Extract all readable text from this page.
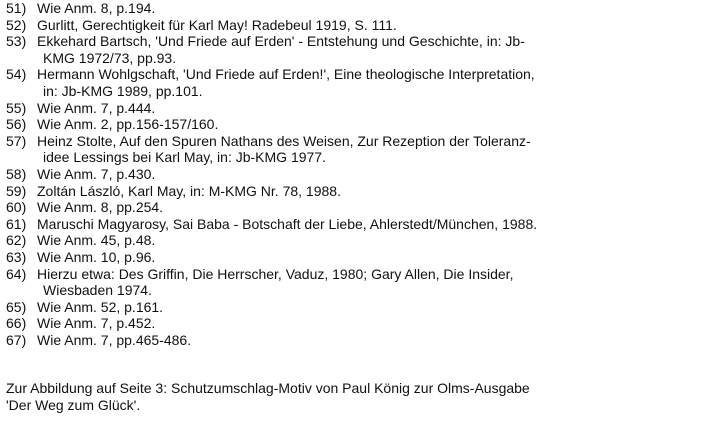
51) Wie Anm. 8, p.194.
52) Gurlitt, Gerechtigkeit für Karl May! Radebeul 1919, S. 111.
53) Ekkehard Bartsch, 'Und Friede auf Erden' - Entstehung und Geschichte, in: Jb-
KMG 1972/73, pp.93.
54) Hermann Wohlgschaft, 'Und Friede auf Erden!', Eine theologische Interpretation,
in: Jb-KMG 1989, pp.101.
55) Wie Anm. 7, p.444.
56) Wie Anm. 2, pp.156-157/160.
57) Heinz Stolte, Auf den Spuren Nathans des Weisen, Zur Rezeption der Toleranz-
idee Lessings bei Karl May, in: Jb-KMG 1977.
58) Wie Anm. 7, p.430.
59) Zoltán László, Karl May, in: M-KMG Nr. 78, 1988.
60) Wie Anm. 8, pp.254.
61) Maruschi Magyarosy, Sai Baba - Botschaft der Liebe, Ahlerstedt/München, 1988.
62) Wie Anm. 45, p.48.
63) Wie Anm. 10, p.96.
64) Hierzu etwa: Des Griffin, Die Herrscher, Vaduz, 1980; Gary Allen, Die Insider,
Wiesbaden 1974.
65) Wie Anm. 52, p.161.
66) Wie Anm. 7, p.452.
67) Wie Anm. 7, pp.465-486.
Zur Abbildung auf Seite 3: Schutzumschlag-Motiv von Paul König zur Olms-Ausgabe
'Der Weg zum Glück'.
